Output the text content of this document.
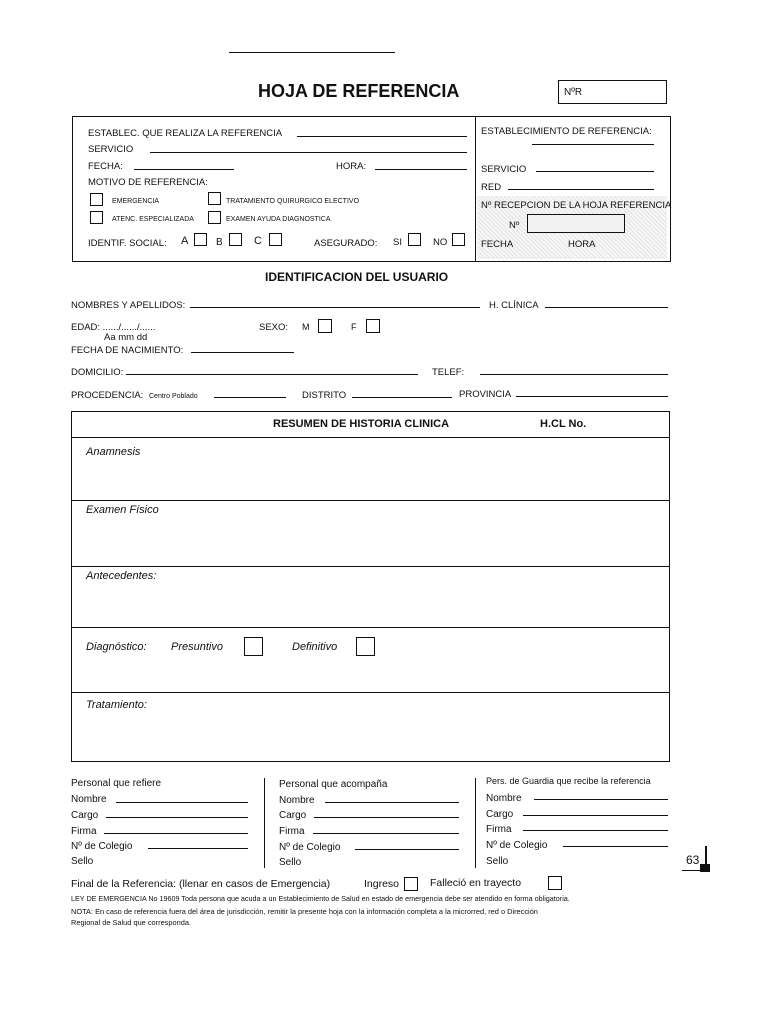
HOJA DE REFERENCIA	NºR
ESTABLEC. QUE REALIZA LA REFERENCIA
SERVICIO
FECHA:	HORA:
MOTIVO DE REFERENCIA:
EMERGENCIA	TRATAMIENTO QUIRURGICO ELECTIVO
ATENC. ESPECIALIZADA	EXAMEN AYUDA DIAGNOSTICA
IDENTIF. SOCIAL: A	B	C	ASEGURADO: SI	NO
ESTABLECIMIENTO DE REFERENCIA:
SERVICIO
RED
Nº RECEPCION DE LA HOJA REFERENCIA
Nº
FECHA	HORA
IDENTIFICACION DEL USUARIO
NOMBRES Y APELLIDOS:	H. CLÍNICA
EDAD: ....../....../......
Aa mm dd
SEXO: M	F
FECHA DE NACIMIENTO:
DOMICILIO:	TELEF:
PROCEDENCIA: Centro Poblado	DISTRITO	PROVINCIA
RESUMEN DE HISTORIA CLINICA	H.CL No.
Anamnesis
Examen Físico
Antecedentes:
Diagnóstico: Presuntivo	Definitivo
Tratamiento:
Personal que refiere
Nombre
Cargo
Firma
Nº de Colegio
Sello
Personal que acompaña
Nombre
Cargo
Firma
Nº de Colegio
Sello
Pers. de Guardia que recibe la referencia
Nombre
Cargo
Firma
Nº de Colegio
Sello	63
Final de la Referencia: (llenar en casos de Emergencia)	Ingreso	Falleció en trayecto
LEY DE EMERGENCIA No 19609 Toda persona que acuda a un Establecimiento de Salud en estado de emergencia debe ser atendido en forma obligatoria.
NOTA: En caso de referencia fuera del área de jurisdicción, remitir la presente hoja con la información completa a la microrred, red o Dirección
Regional de Salud que corresponda.
